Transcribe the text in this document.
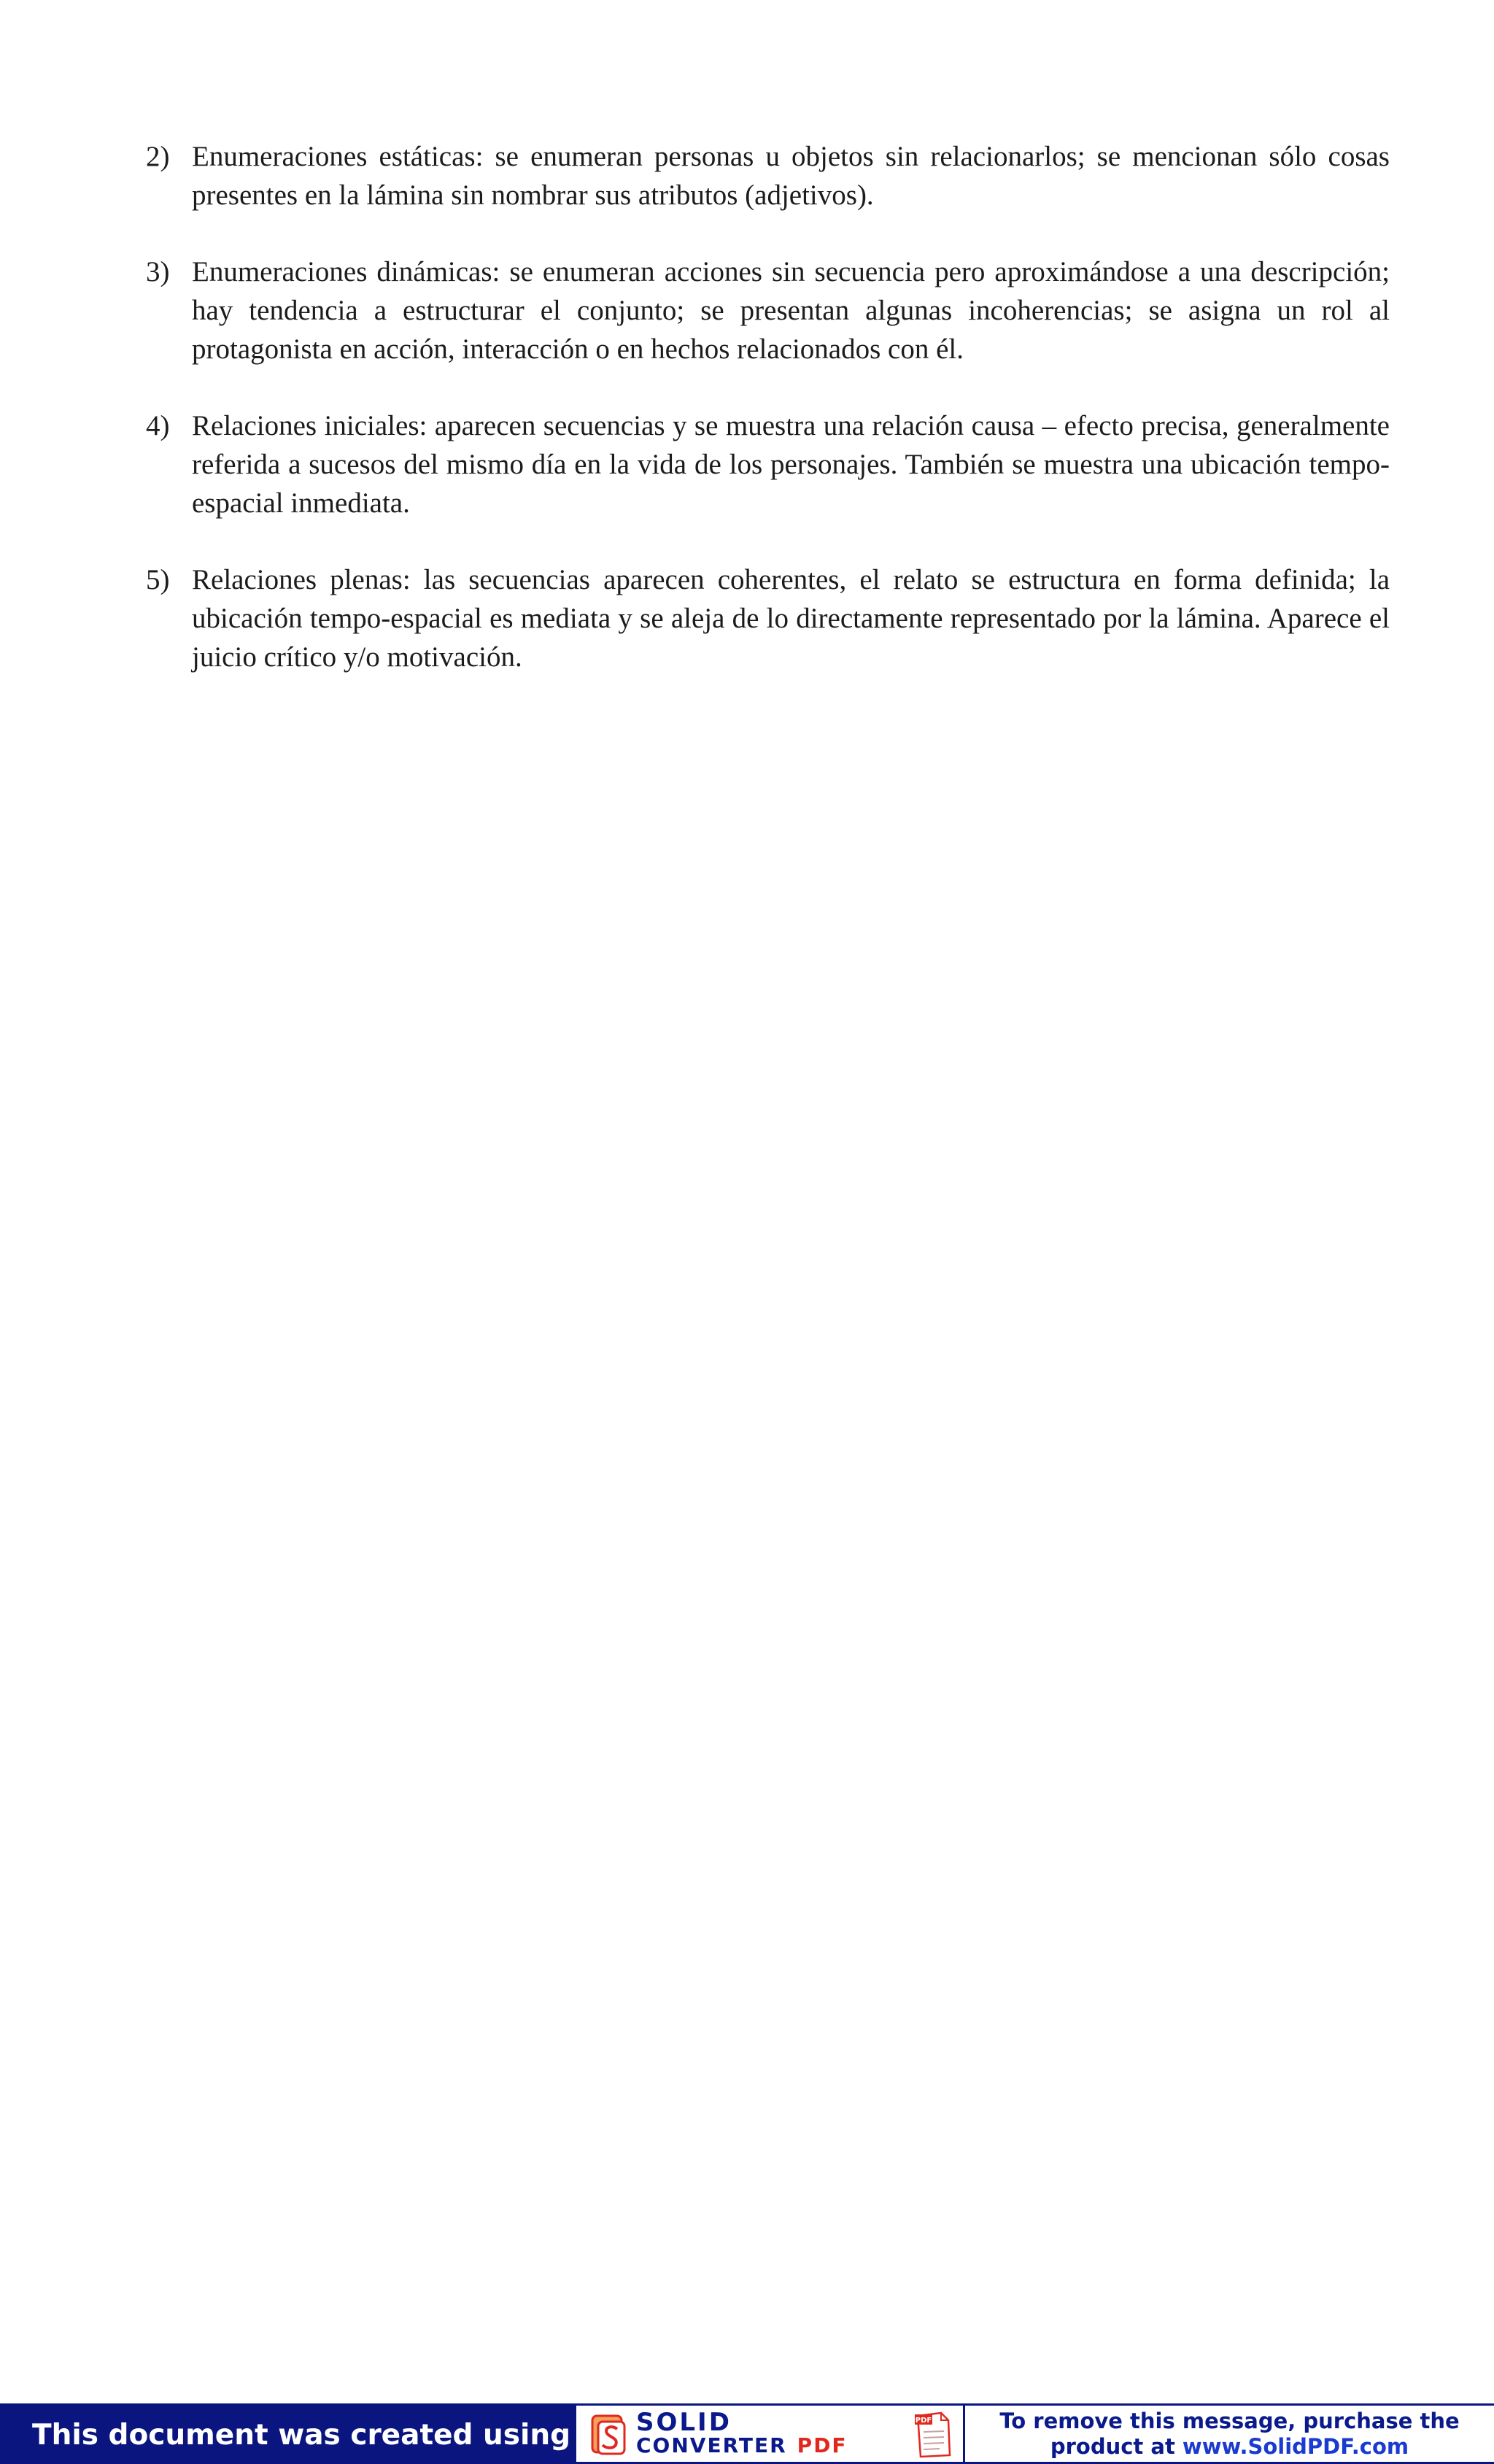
2) Enumeraciones estáticas: se enumeran personas u objetos sin relacionarlos; se mencionan sólo cosas presentes en la lámina sin nombrar sus atributos (adjetivos).
3) Enumeraciones dinámicas: se enumeran acciones sin secuencia pero aproximándose a una descripción; hay tendencia a estructurar el conjunto; se presentan algunas incoherencias; se asigna un rol al protagonista en acción, interacción o en hechos relacionados con él.
4) Relaciones iniciales: aparecen secuencias y se muestra una relación causa – efecto precisa, generalmente referida a sucesos del mismo día en la vida de los personajes. También se muestra una ubicación tempo-espacial inmediata.
5) Relaciones plenas: las secuencias aparecen coherentes, el relato se estructura en forma definida; la ubicación tempo-espacial es mediata y se aleja de lo directamente representado por la lámina. Aparece el juicio crítico y/o motivación.
This document was created using	SOLID
CONVERTER PDF
PDF	To remove this message, purchase the
product at www.SolidPDF.com
